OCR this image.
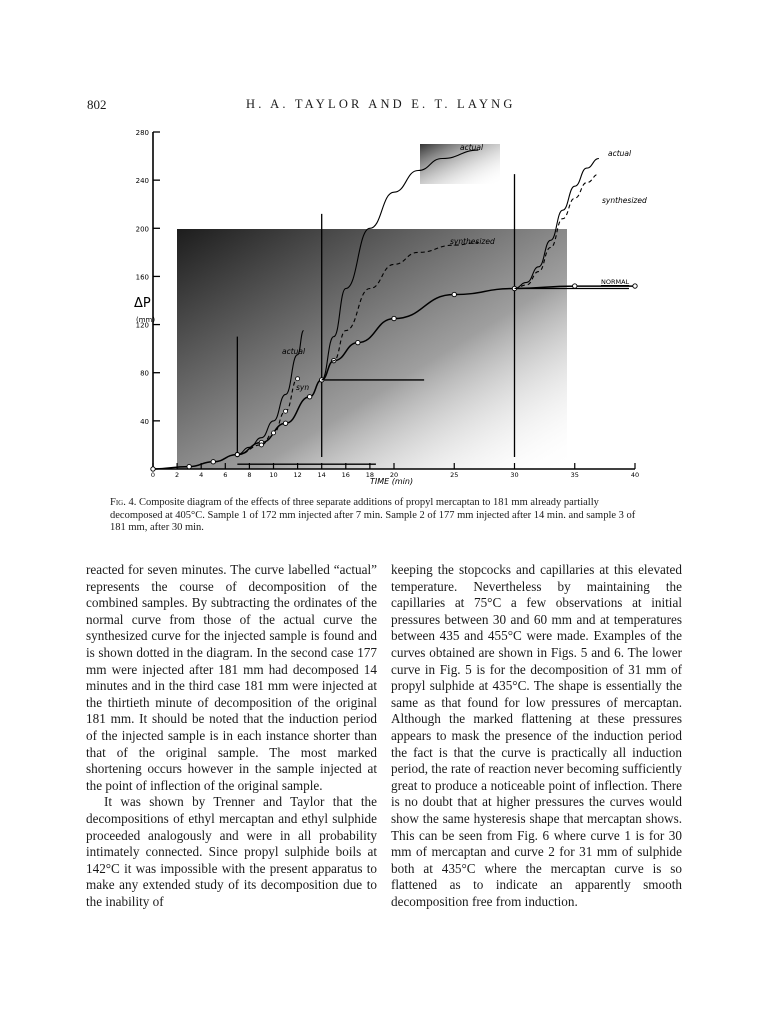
802	H. A. TAYLOR AND E. T. LAYNG
40
80
120
160
200
240
280
0	2	4	6	8	10 12 14 16 18 20	25	30	35	40
ΔP
(mm)
TIME (min)
actual
syn
actual
synthesized
actual
synthesized
NORMAL
Fig. 4. Composite diagram of the effects of three separate additions of propyl mercaptan to 181 mm already partially decomposed at 405°C. Sample 1 of 172 mm injected after 7 min. Sample 2 of 177 mm injected after 14 min. and sample 3 of 181 mm, after 30 min.

reacted for seven minutes. The curve labelled “actual” represents the course of decomposition of the combined samples. By subtracting the ordinates of the normal curve from those of the actual curve the synthesized curve for the injected sample is found and is shown dotted in the diagram. In the second case 177 mm were injected after 181 mm had decomposed 14 minutes and in the third case 181 mm were injected at the thirtieth minute of decomposition of the original 181 mm. It should be noted that the induction period of the injected sample is in each instance shorter than that of the original sample. The most marked shortening occurs however in the sample injected at the point of inflection of the original sample.

It was shown by Trenner and Taylor that the decompositions of ethyl mercaptan and ethyl sulphide proceeded analogously and were in all probability intimately connected. Since propyl sulphide boils at 142°C it was impossible with the present apparatus to make any extended study of its decomposition due to the inability of

keeping the stopcocks and capillaries at this elevated temperature. Nevertheless by maintaining the capillaries at 75°C a few observations at initial pressures between 30 and 60 mm and at temperatures between 435 and 455°C were made. Examples of the curves obtained are shown in Figs. 5 and 6. The lower curve in Fig. 5 is for the decomposition of 31 mm of propyl sulphide at 435°C. The shape is essentially the same as that found for low pressures of mercaptan. Although the marked flattening at these pressures appears to mask the presence of the induction period the fact is that the curve is practically all induction period, the rate of reaction never becoming sufficiently great to produce a noticeable point of inflection. There is no doubt that at higher pressures the curves would show the same hysteresis shape that mercaptan shows. This can be seen from Fig. 6 where curve 1 is for 30 mm of mercaptan and curve 2 for 31 mm of sulphide both at 435°C where the mercaptan curve is so flattened as to indicate an apparently smooth decomposition free from induction.
